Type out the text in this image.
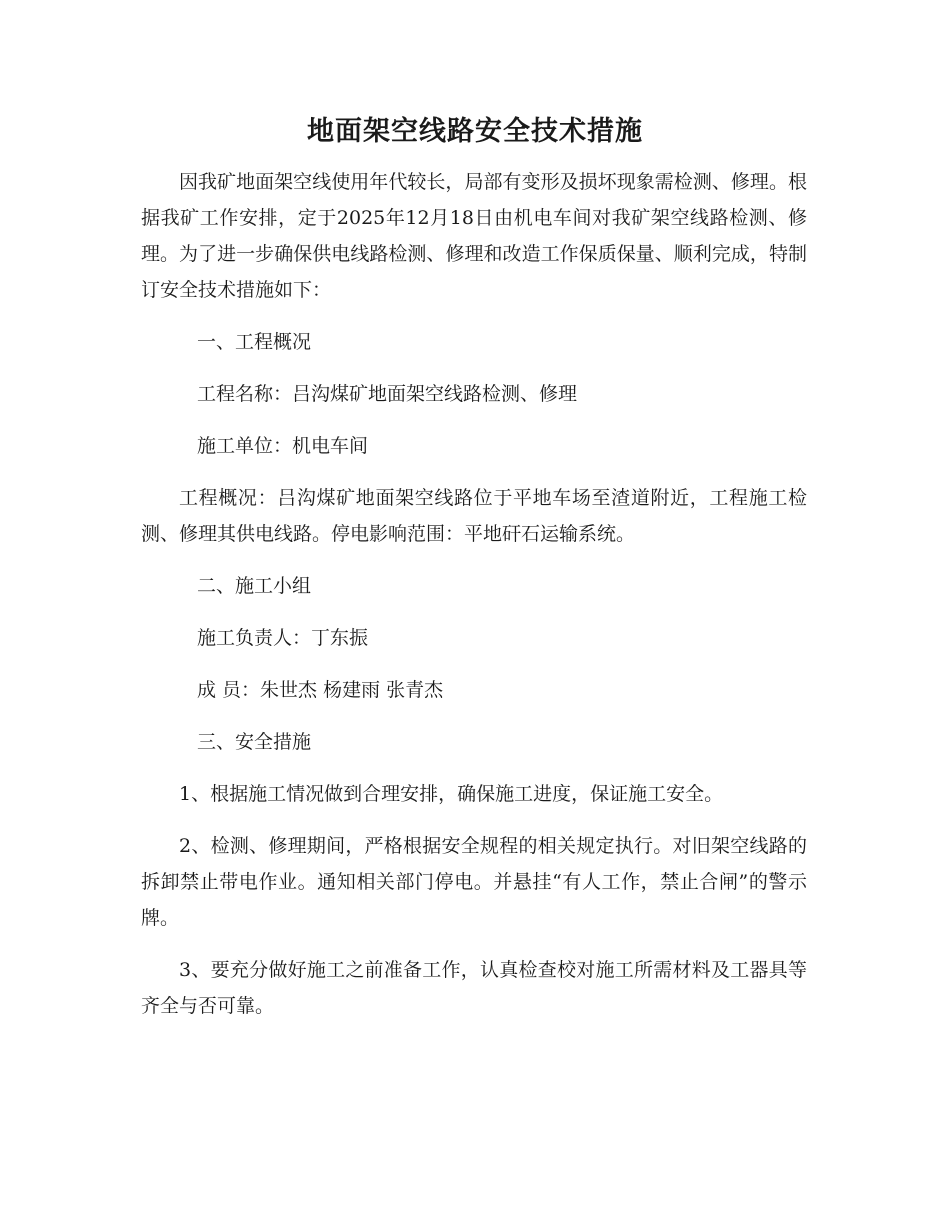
地面架空线路安全技术措施

因我矿地面架空线使用年代较长，局部有变形及损坏现象需检测、修理。根据我矿工作安排，定于2025年12月18日由机电车间对我矿架空线路检测、修理。为了进一步确保供电线路检测、修理和改造工作保质保量、顺利完成，特制订安全技术措施如下：

一、工程概况

工程名称：吕沟煤矿地面架空线路检测、修理

施工单位：机电车间

工程概况：吕沟煤矿地面架空线路位于平地车场至渣道附近，工程施工检测、修理其供电线路。停电影响范围：平地矸石运输系统。

二、施工小组

施工负责人：丁东振

成 员：朱世杰 杨建雨 张青杰

三、安全措施

1、根据施工情况做到合理安排，确保施工进度，保证施工安全。

2、检测、修理期间，严格根据安全规程的相关规定执行。对旧架空线路的拆卸禁止带电作业。通知相关部门停电。并悬挂“有人工作，禁止合闸”的警示牌。

3、要充分做好施工之前准备工作，认真检查校对施工所需材料及工器具等齐全与否可靠。
